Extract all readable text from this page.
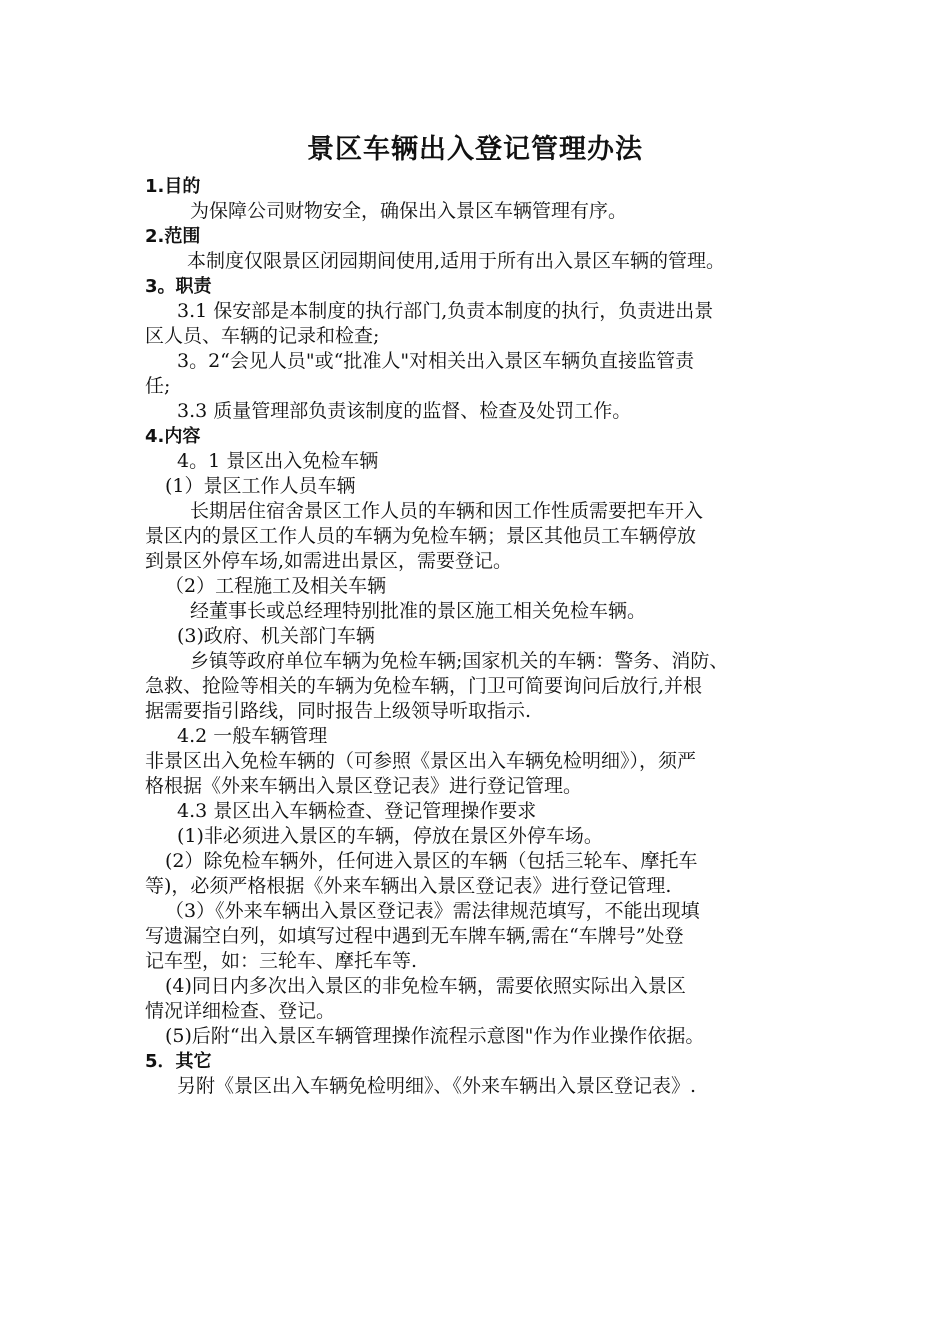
景区车辆出入登记管理办法
1.目的
为保障公司财物安全，确保出入景区车辆管理有序。
2.范围
本制度仅限景区闭园期间使用,适用于所有出入景区车辆的管理。
3。职责
3.1 保安部是本制度的执行部门,负责本制度的执行，负责进出景
区人员、车辆的记录和检查;
3。2“会见人员"或“批准人"对相关出入景区车辆负直接监管责
任;
3.3 质量管理部负责该制度的监督、检查及处罚工作。
4.内容
4。1 景区出入免检车辆
(1）景区工作人员车辆
长期居住宿舍景区工作人员的车辆和因工作性质需要把车开入
景区内的景区工作人员的车辆为免检车辆；景区其他员工车辆停放
到景区外停车场,如需进出景区，需要登记。
（2）工程施工及相关车辆
经董事长或总经理特别批准的景区施工相关免检车辆。
(3)政府、机关部门车辆
乡镇等政府单位车辆为免检车辆;国家机关的车辆：警务、消防、
急救、抢险等相关的车辆为免检车辆，门卫可简要询问后放行,并根
据需要指引路线，同时报告上级领导听取指示.
4.2 一般车辆管理
非景区出入免检车辆的（可参照《景区出入车辆免检明细》），须严
格根据《外来车辆出入景区登记表》进行登记管理。
4.3 景区出入车辆检查、登记管理操作要求
(1)非必须进入景区的车辆，停放在景区外停车场。
(2）除免检车辆外，任何进入景区的车辆（包括三轮车、摩托车
等)，必须严格根据《外来车辆出入景区登记表》进行登记管理.
（3）《外来车辆出入景区登记表》需法律规范填写，不能出现填
写遗漏空白列，如填写过程中遇到无车牌车辆,需在“车牌号”处登
记车型，如：三轮车、摩托车等.
(4)同日内多次出入景区的非免检车辆，需要依照实际出入景区
情况详细检查、登记。
(5)后附“出入景区车辆管理操作流程示意图"作为作业操作依据。
5．其它
另附《景区出入车辆免检明细》、《外来车辆出入景区登记表》.
